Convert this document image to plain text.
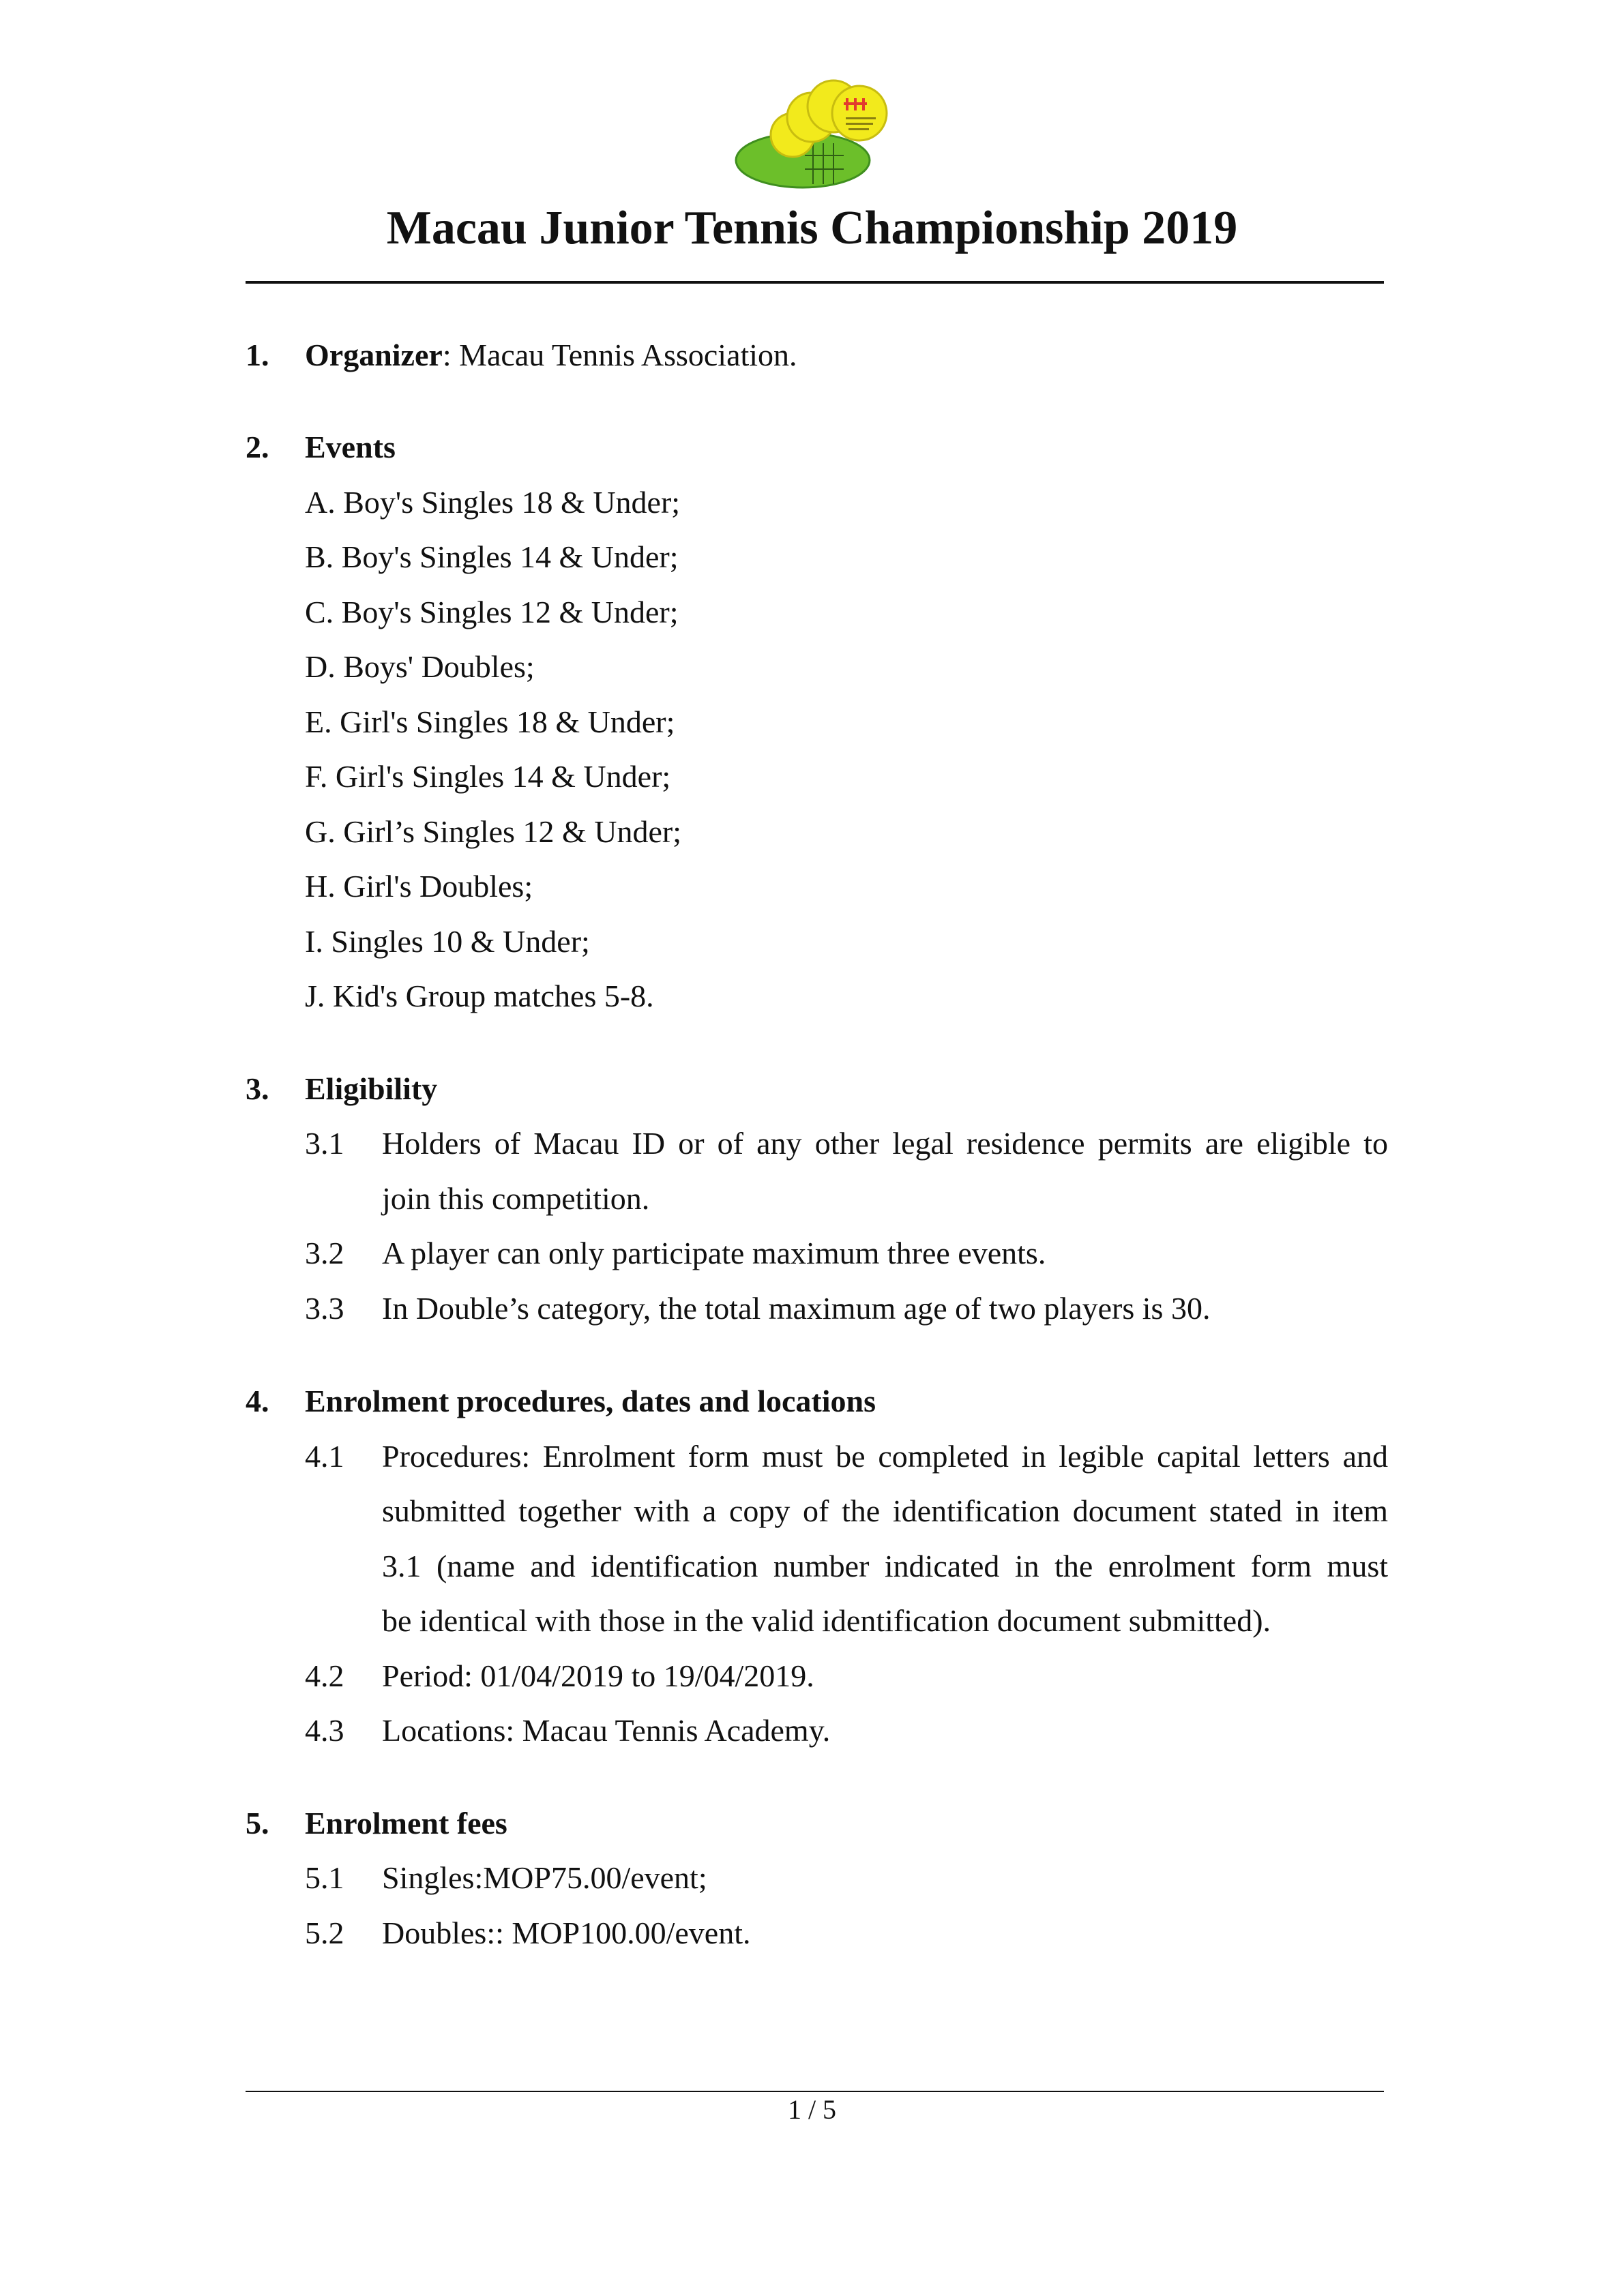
Macau Junior Tennis Championship 2019
1. Organizer: Macau Tennis Association.
2. Events
A. Boy's Singles 18 & Under;
B. Boy's Singles 14 & Under;
C. Boy's Singles 12 & Under;
D. Boys' Doubles;
E. Girl's Singles 18 & Under;
F. Girl's Singles 14 & Under;
G. Girl’s Singles 12 & Under;
H. Girl's Doubles;
I. Singles 10 & Under;
J. Kid's Group matches 5-8.
3. Eligibility
3.1 Holders of Macau ID or of any other legal residence permits are eligible to
join this competition.
3.2 A player can only participate maximum three events.
3.3 In Double’s category, the total maximum age of two players is 30.
4. Enrolment procedures, dates and locations
4.1 Procedures: Enrolment form must be completed in legible capital letters and
submitted together with a copy of the identification document stated in item
3.1 (name and identification number indicated in the enrolment form must
be identical with those in the valid identification document submitted).
4.2 Period: 01/04/2019 to 19/04/2019.
4.3 Locations: Macau Tennis Academy.
5. Enrolment fees
5.1 Singles:MOP75.00/event;
5.2 Doubles:: MOP100.00/event.
1 / 5
